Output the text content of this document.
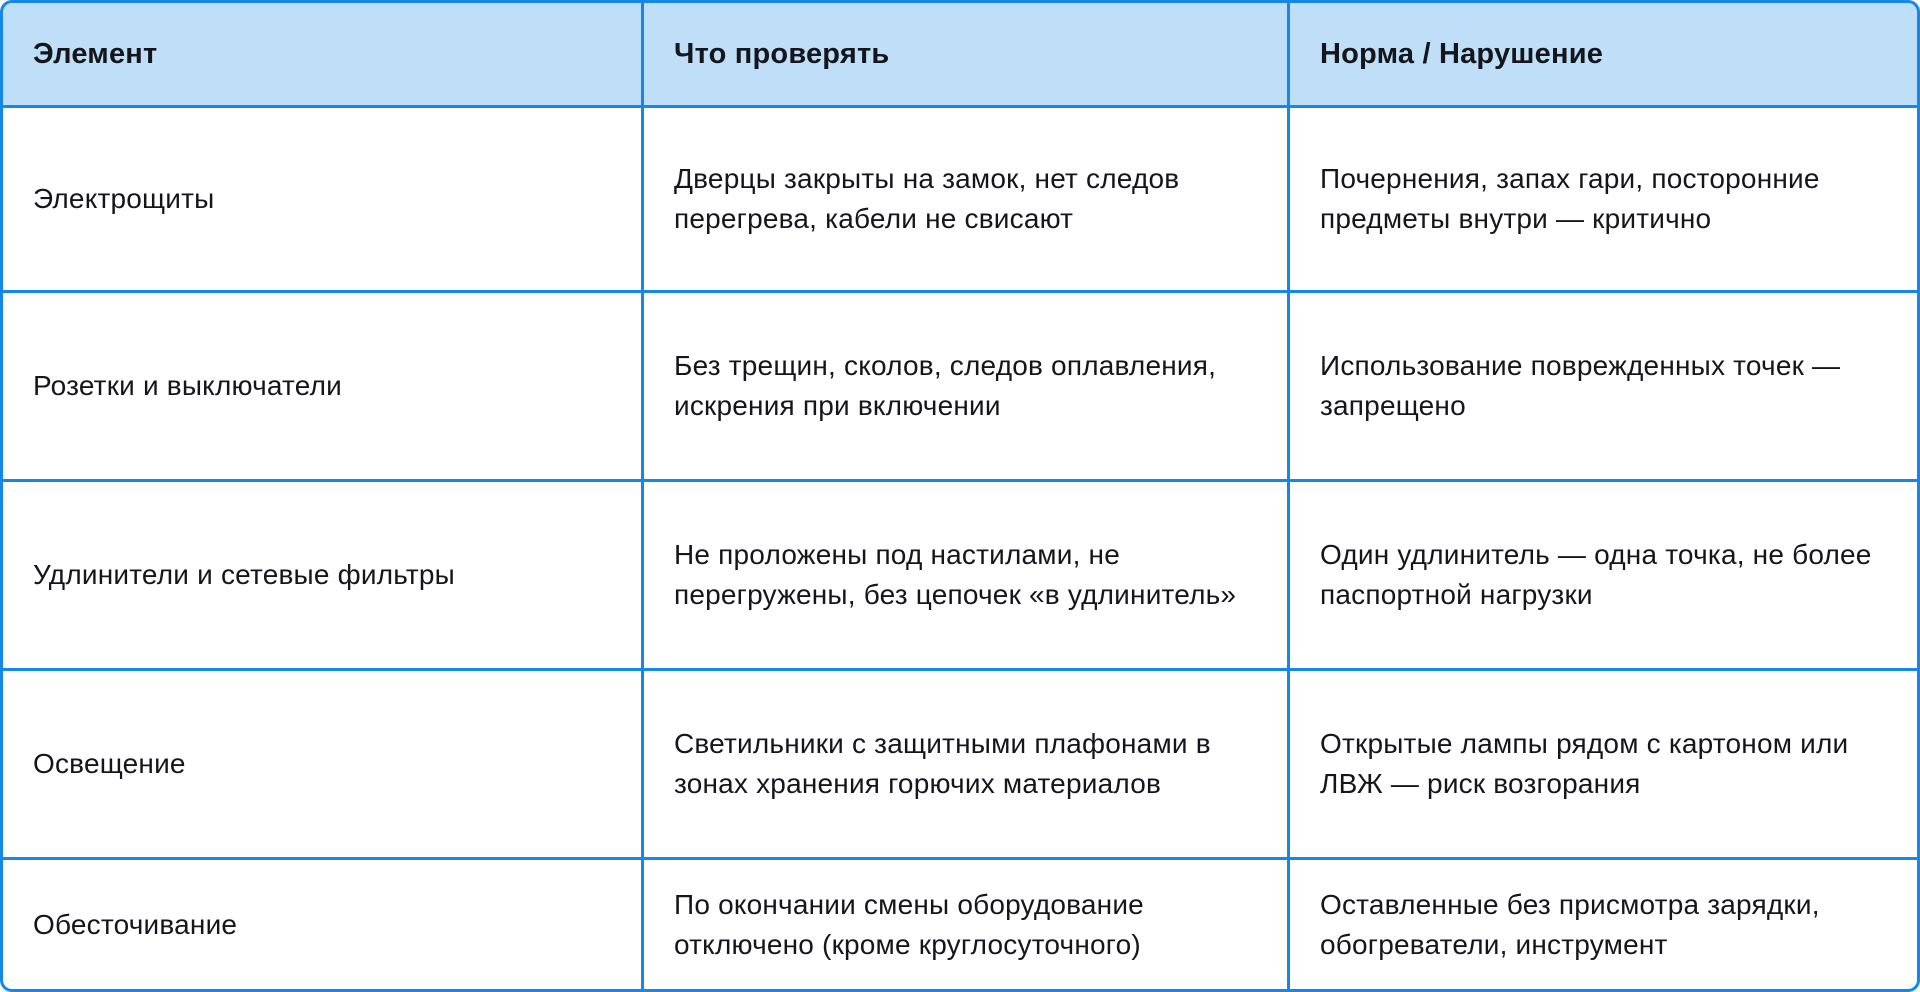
Элемент	Что проверять	Норма / Нарушение
Электрощиты
Дверцы закрыты на замок, нет следов перегрева, кабели не свисают
Почернения, запах гари, посторонние предметы внутри — критично
Розетки и выключатели
Без трещин, сколов, следов оплавления, искрения при включении
Использование поврежденных точек — запрещено
Удлинители и сетевые фильтры
Не проложены под настилами, не перегружены, без цепочек «в удлинитель»
Один удлинитель — одна точка, не более паспортной нагрузки
Освещение
Светильники с защитными плафонами в зонах хранения горючих материалов
Открытые лампы рядом с картоном или ЛВЖ — риск возгорания
Обесточивание
По окончании смены оборудование отключено (кроме круглосуточного)
Оставленные без присмотра зарядки, обогреватели, инструмент
